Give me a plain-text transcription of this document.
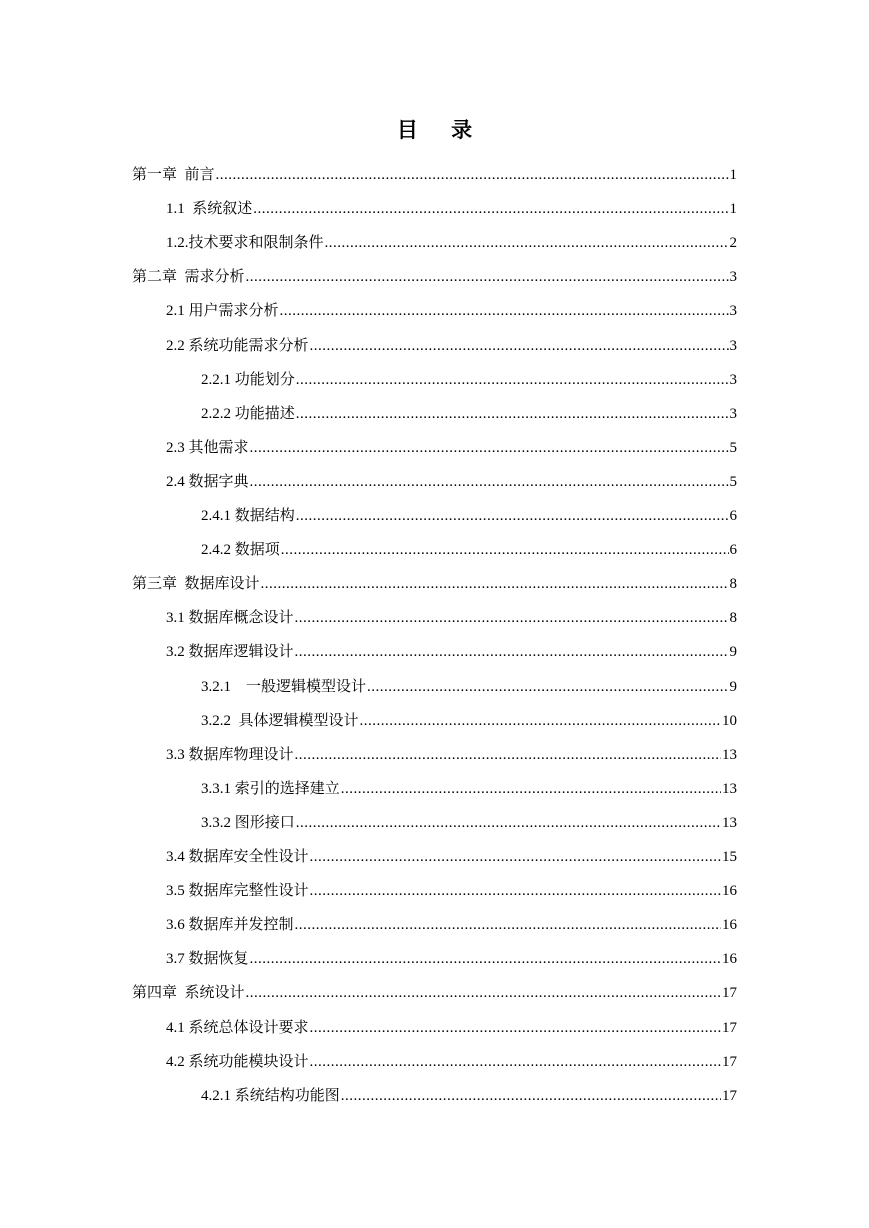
目 录
第一章  前言 .....	1
1.1  系统叙述 .....	1
1.2.技术要求和限制条件 .....	2
第二章  需求分析 .....	3
2.1 用户需求分析 .....	3
2.2 系统功能需求分析 .....	3
2.2.1 功能划分 .....	3
2.2.2 功能描述 .....	3
2.3 其他需求 .....	5
2.4 数据字典 .....	5
2.4.1 数据结构 .....	6
2.4.2 数据项 .....	6
第三章  数据库设计 .....	8
3.1 数据库概念设计 .....	8
3.2 数据库逻辑设计 .....	9
3.2.1    一般逻辑模型设计 .....	9
3.2.2  具体逻辑模型设计 .....	10
3.3 数据库物理设计 .....	13
3.3.1 索引的选择建立 .....	13
3.3.2 图形接口 .....	13
3.4 数据库安全性设计 .....	15
3.5 数据库完整性设计 .....	16
3.6 数据库并发控制 .....	16
3.7 数据恢复 .....	16
第四章  系统设计 .....	17
4.1 系统总体设计要求 .....	17
4.2 系统功能模块设计 .....	17
4.2.1 系统结构功能图 .....	17
